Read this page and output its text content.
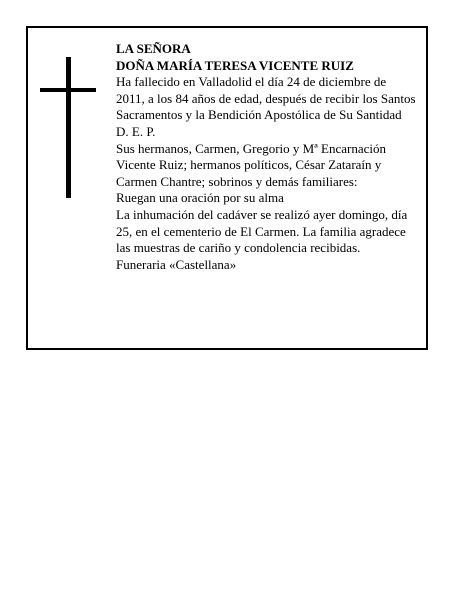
LA SEÑORA
DOÑA MARÍA TERESA VICENTE RUIZ
Ha fallecido en Valladolid el día 24 de diciembre de 2011, a los 84 años de edad, después de recibir los Santos Sacramentos y la Bendición Apostólica de Su Santidad
D. E. P.
Sus hermanos, Carmen, Gregorio y Mª Encarnación Vicente Ruiz; hermanos políticos, César Zataraín y Carmen Chantre; sobrinos y demás familiares:
Ruegan una oración por su alma
La inhumación del cadáver se realizó ayer domingo, día 25, en el cementerio de El Carmen. La familia agradece las muestras de cariño y condolencia recibidas.
Funeraria «Castellana»
